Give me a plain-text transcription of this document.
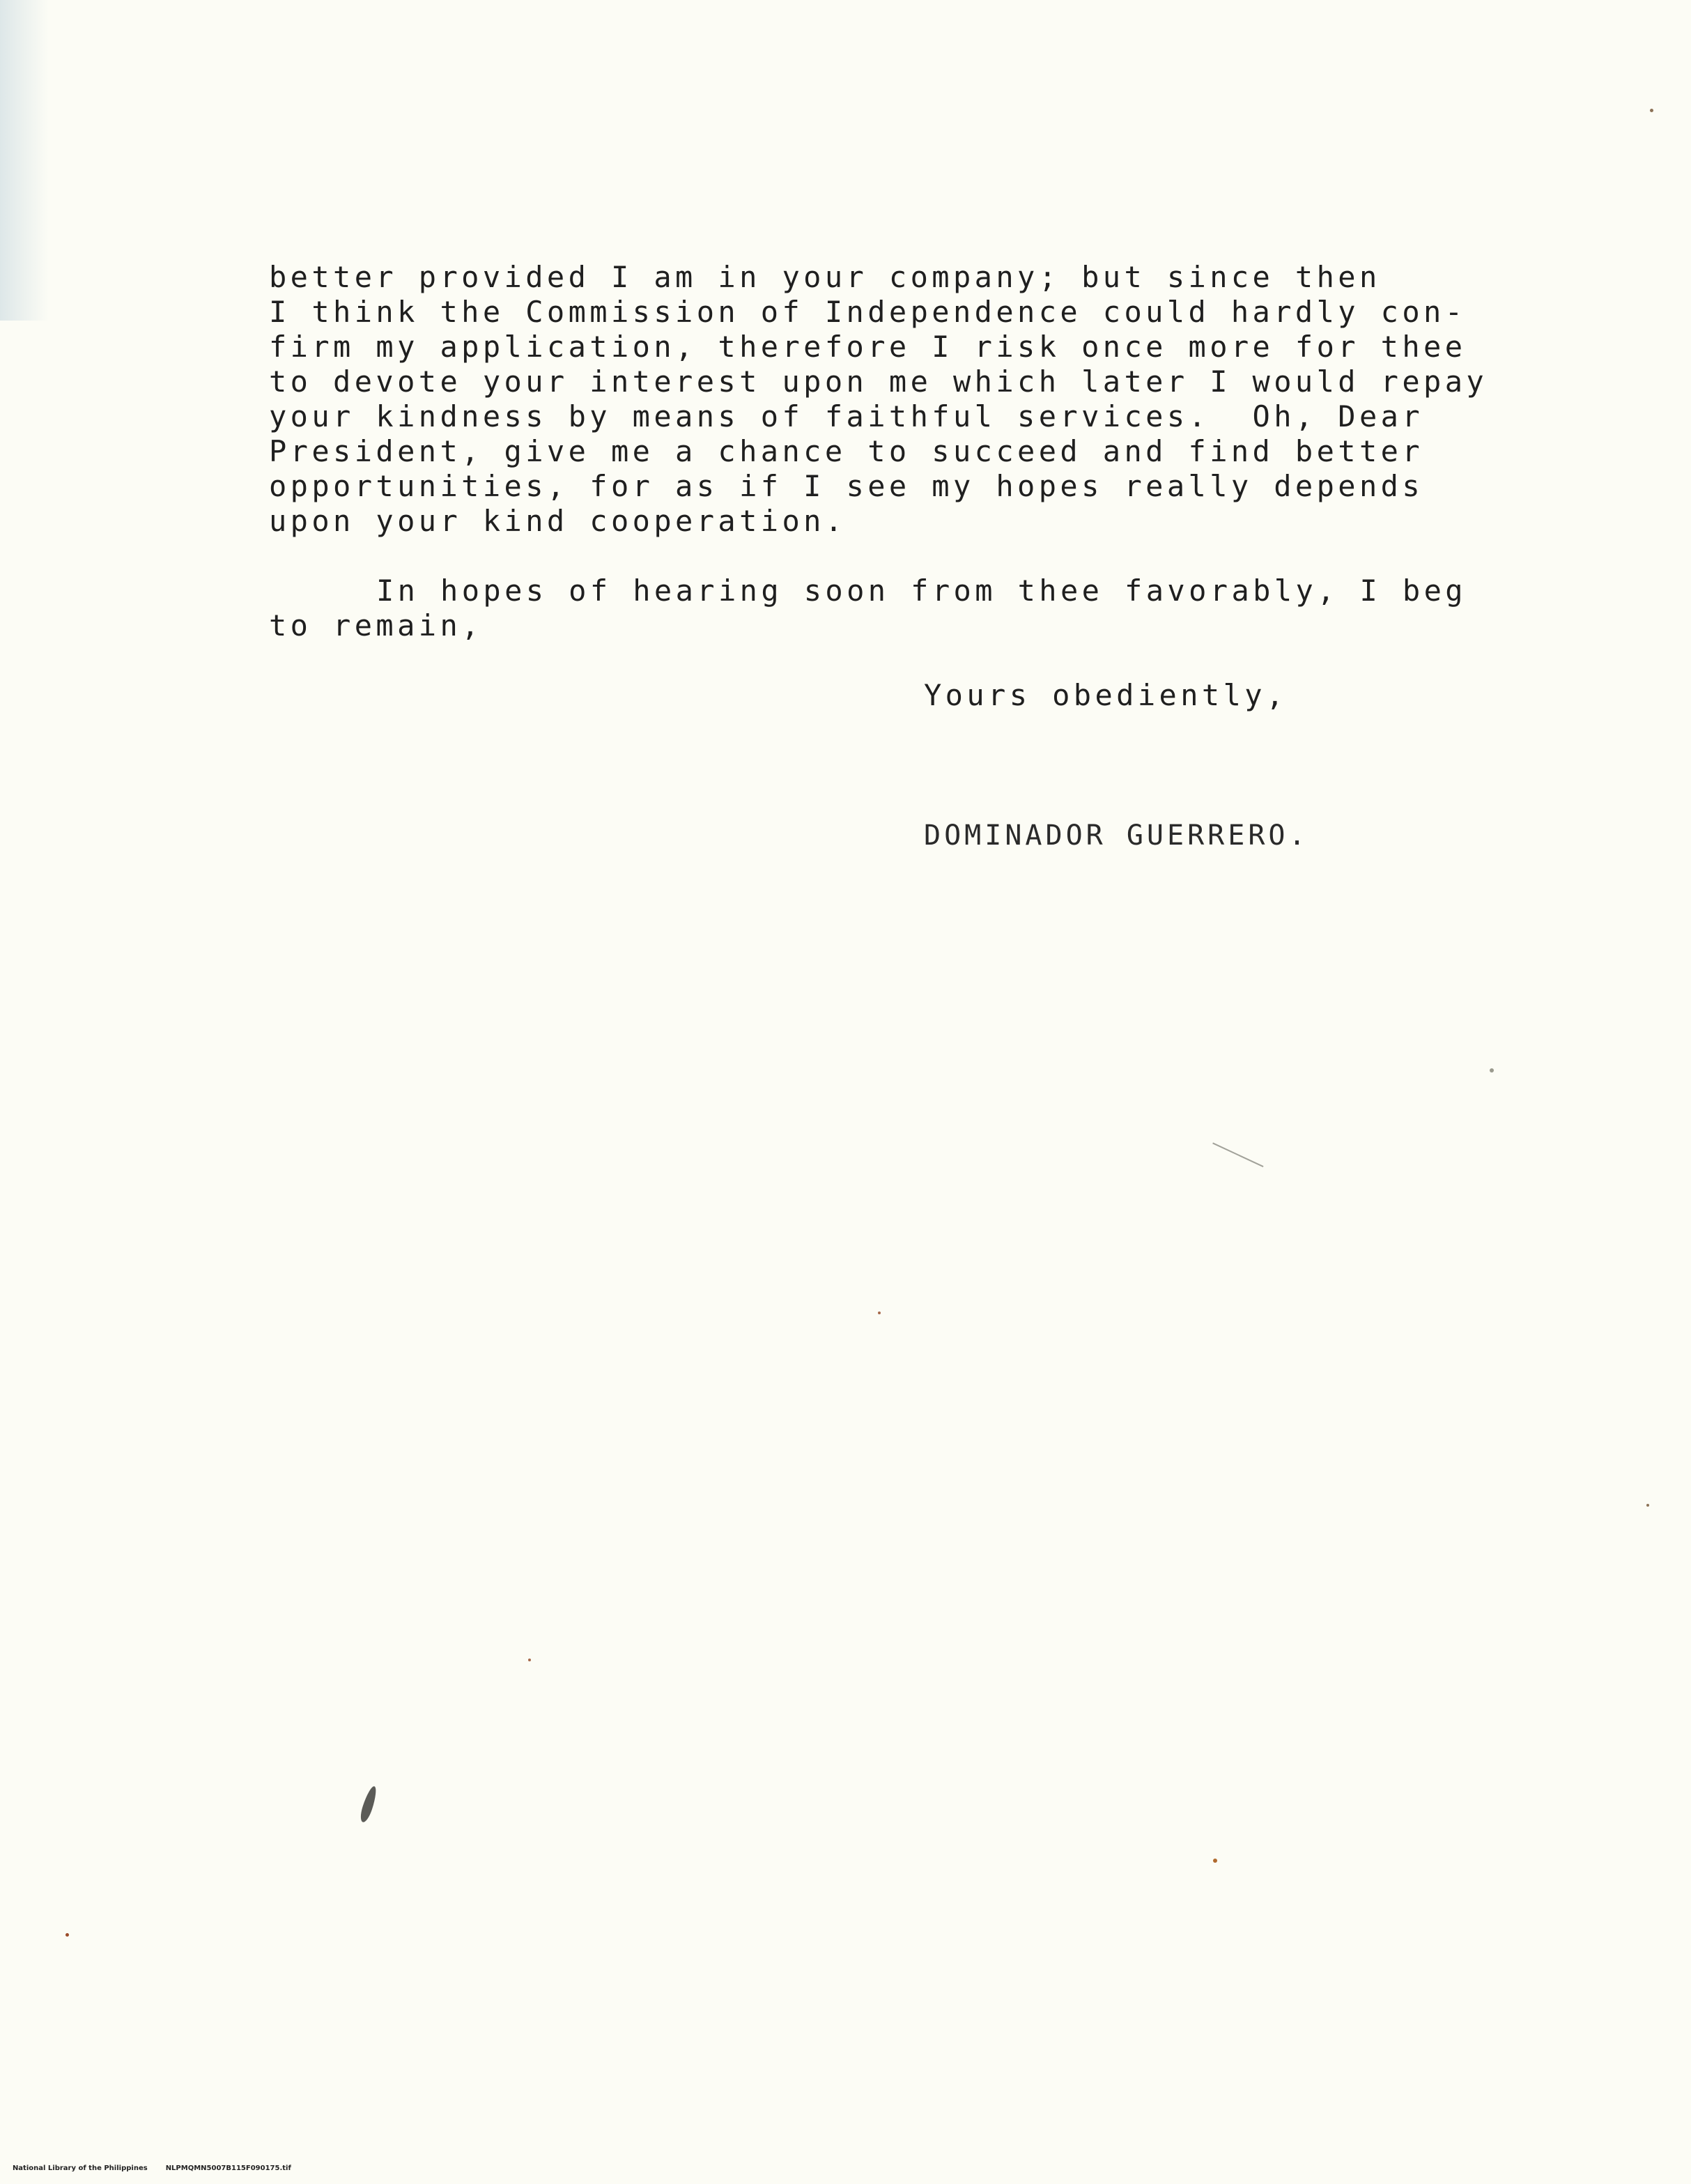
better provided I am in your company; but since then
I think the Commission of Independence could hardly con-
firm my application, therefore I risk once more for thee
to devote your interest upon me which later I would repay
your kindness by means of faithful services.  Oh, Dear
President, give me a chance to succeed and find better
opportunities, for as if I see my hopes really depends
upon your kind cooperation.
In hopes of hearing soon from thee favorably, I beg
to remain,
Yours obediently,
DOMINADOR GUERRERO.

National Library of the Philippines	NLPMQMN5007B115F090175.tif
